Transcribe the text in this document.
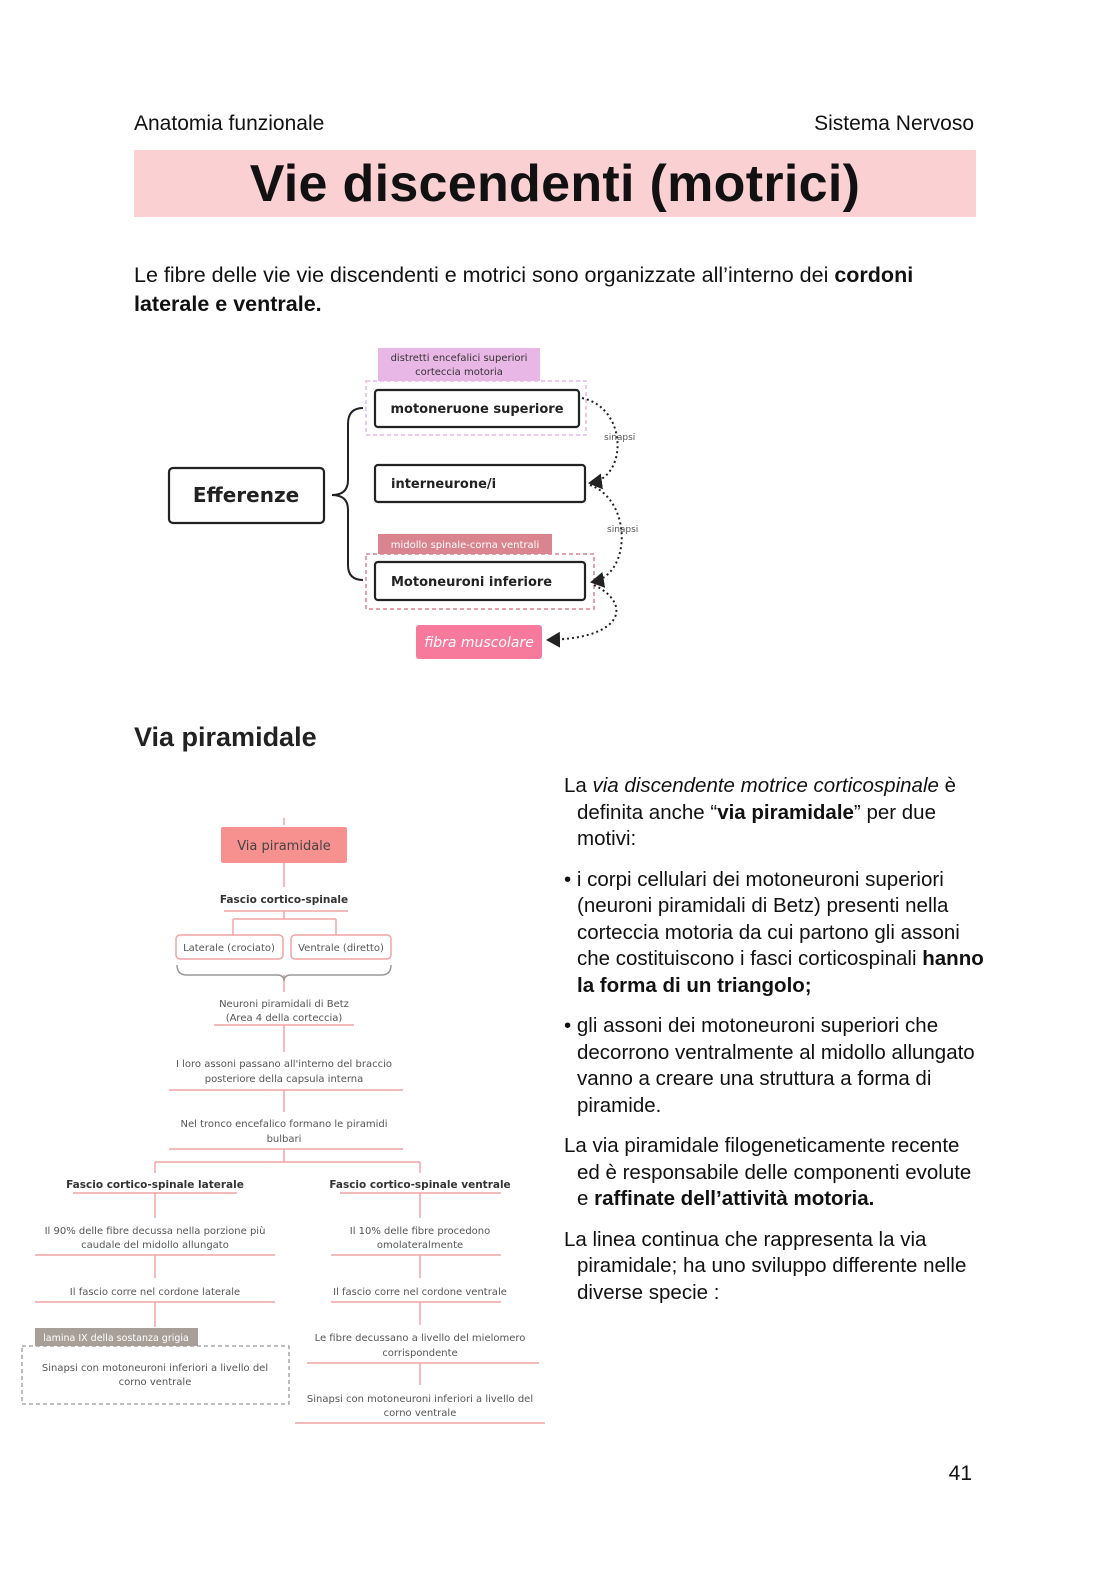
Anatomia funzionale	Sistema Nervoso
Vie discendenti (motrici)

Le fibre delle vie vie discendenti e motrici sono organizzate all’interno dei cordoni laterale e ventrale.

Efferenze
distretti encefalici superiori
corteccia motoria
motoneruone superiore
interneurone/i
midollo spinale-corna ventrali
Motoneuroni inferiore
fibra muscolare
sinapsi
sinapsi
Via piramidale
Via piramidale
Fascio cortico-spinale
Laterale (crociato) Ventrale (diretto)
Neuroni piramidali di Betz
(Area 4 della corteccia)
I loro assoni passano all'interno del braccio
posteriore della capsula interna
Nel tronco encefalico formano le piramidi
bulbari
Fascio cortico-spinale laterale	Fascio cortico-spinale ventrale
Il 90% delle fibre decussa nella porzione più
caudale del midollo allungato
Il 10% delle fibre procedono
omolateralmente
Il fascio corre nel cordone laterale	Il fascio corre nel cordone ventrale
lamina IX della sostanza grigia
Sinapsi con motoneuroni inferiori a livello del
corno ventrale
Le fibre decussano a livello del mielomero
corrispondente
Sinapsi con motoneuroni inferiori a livello del
corno ventrale

La via discendente motrice corticospinale è definita anche “via piramidale” per due motivi:

• i corpi cellulari dei motoneuroni superiori (neuroni piramidali di Betz) presenti nella corteccia motoria da cui partono gli assoni che costituiscono i fasci corticospinali hanno la forma di un triangolo;

• gli assoni dei motoneuroni superiori che decorrono ventralmente al midollo allungato vanno a creare una struttura a forma di piramide.

La via piramidale filogeneticamente recente ed è responsabile delle componenti evolute e raffinate dell’attività motoria.

La linea continua che rappresenta la via piramidale; ha uno sviluppo differente nelle diverse specie :

41
